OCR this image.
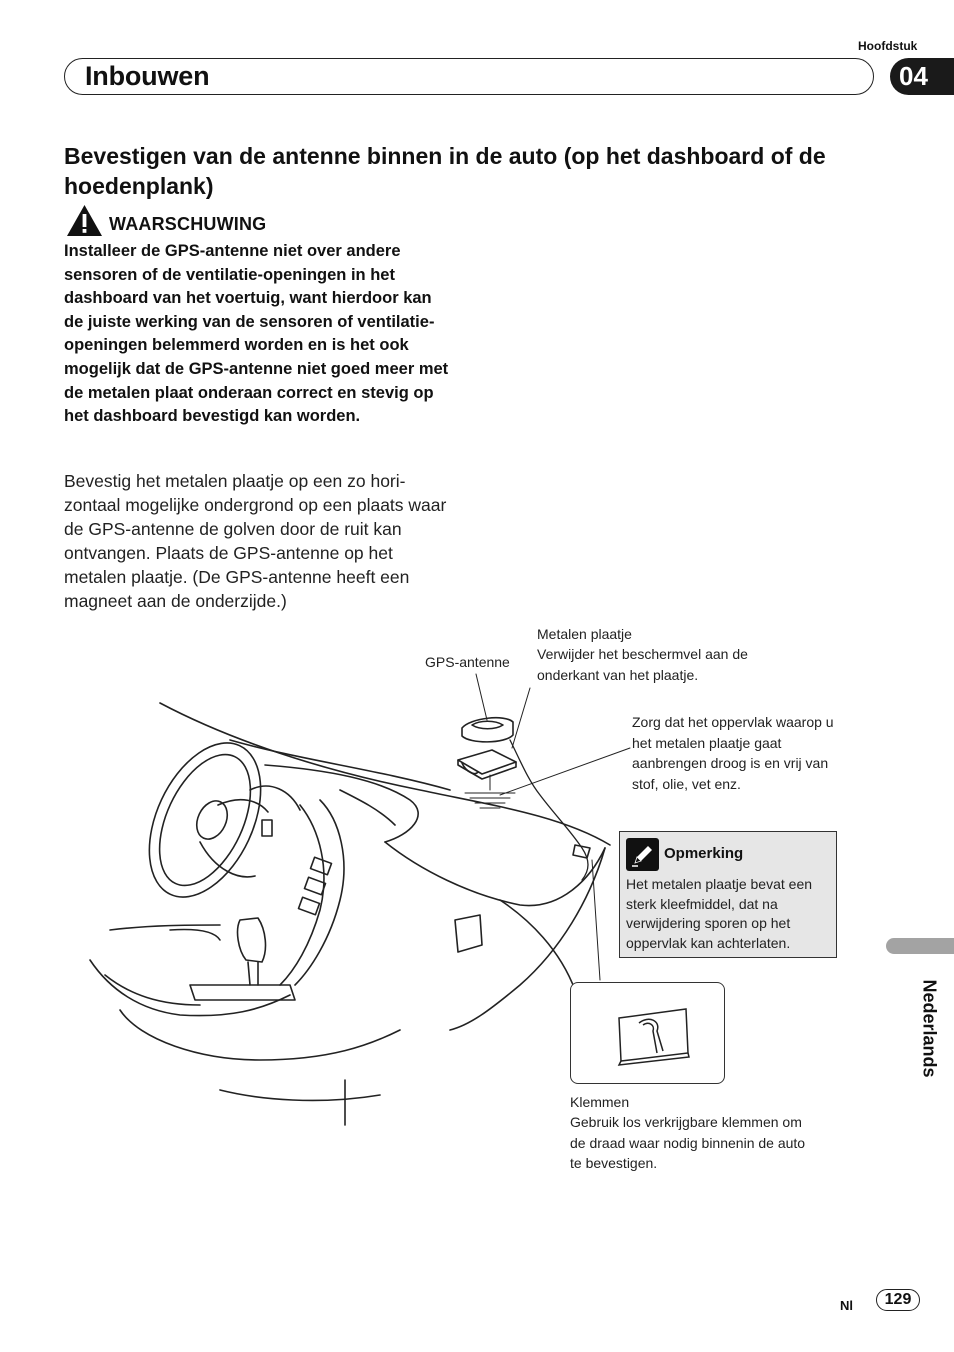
Hoofdstuk
Inbouwen	04
Bevestigen van de antenne binnen in de auto (op het dashboard of de hoedenplank)
WAARSCHUWING
Installeer de GPS-antenne niet over andere sensoren of de ventilatie-openingen in het dashboard van het voertuig, want hierdoor kan de juiste werking van de sensoren of ventilatie-openingen belemmerd worden en is het ook mogelijk dat de GPS-antenne niet goed meer met de metalen plaat onderaan correct en stevig op het dashboard bevestigd kan worden.
Bevestig het metalen plaatje op een zo hori-zontaal mogelijke ondergrond op een plaats waar de GPS-antenne de golven door de ruit kan ontvangen. Plaats de GPS-antenne op het metalen plaatje. (De GPS-antenne heeft een magneet aan de onderzijde.)
GPS-antenne
Metalen plaatje
Verwijder het beschermvel aan de onderkant van het plaatje.
Zorg dat het oppervlak waarop u het metalen plaatje gaat aanbrengen droog is en vrij van stof, olie, vet enz.
Opmerking
Het metalen plaatje bevat een sterk kleefmiddel, dat na verwijdering sporen op het oppervlak kan achterlaten.
Klemmen
Gebruik los verkrijgbare klemmen om de draad waar nodig binnenin de auto te bevestigen.
Nederlands
Nl	129
